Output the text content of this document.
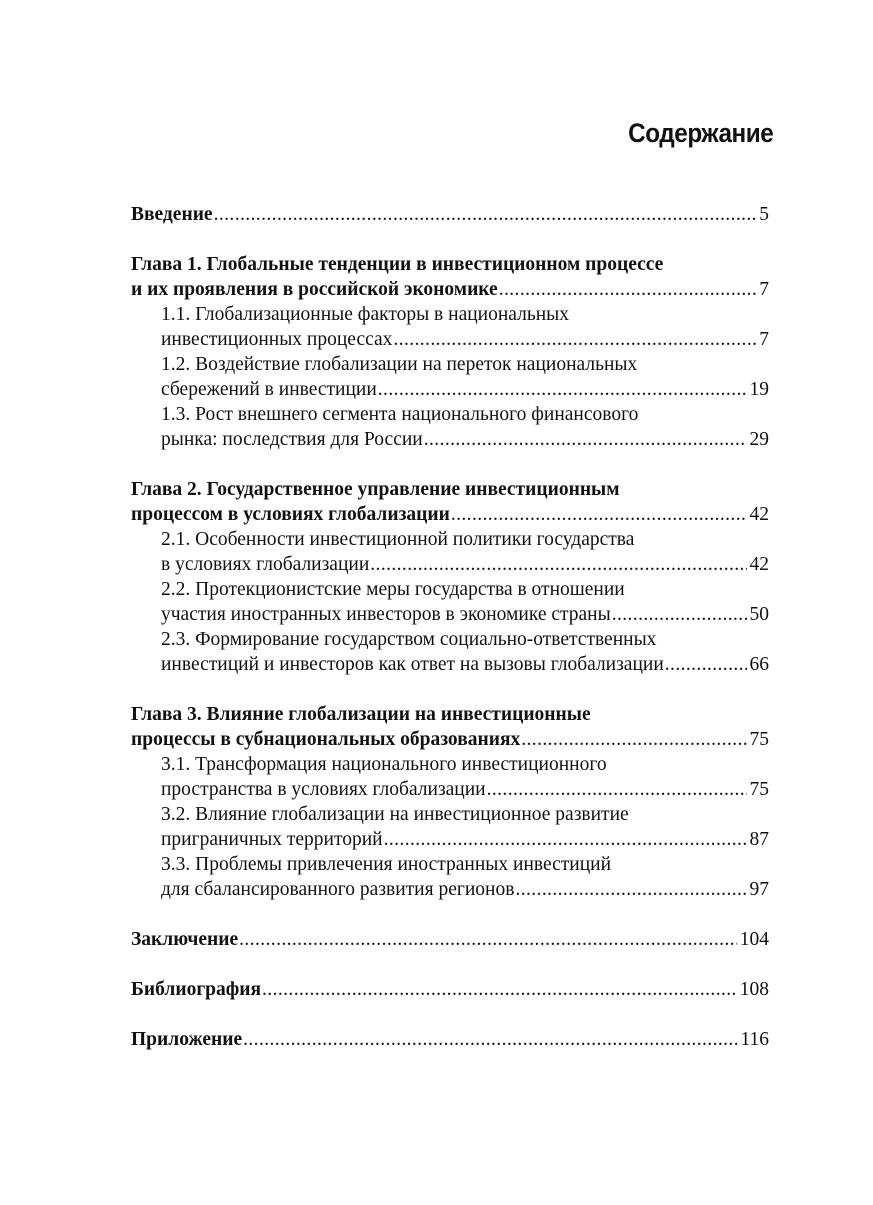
Содержание
Введение .....	5
Глава 1. Глобальные тенденции в инвестиционном процессе
и их проявления в российской экономике .....	7
1.1. Глобализационные факторы в национальных
инвестиционных процессах .....	7
1.2. Воздействие глобализации на переток национальных
сбережений в инвестиции .....	19
1.3. Рост внешнего сегмента национального финансового
рынка: последствия для России .....	29
Глава 2. Государственное управление инвестиционным
процессом в условиях глобализации .....	42
2.1. Особенности инвестиционной политики государства
в условиях глобализации .....	42
2.2. Протекционистские меры государства в отношении
участия иностранных инвесторов в экономике страны .....	50
2.3. Формирование государством социально-ответственных
инвестиций и инвесторов как ответ на вызовы глобализации .....	66
Глава 3. Влияние глобализации на инвестиционные
процессы в субнациональных образованиях .....	75
3.1. Трансформация национального инвестиционного
пространства в условиях глобализации .....	75
3.2. Влияние глобализации на инвестиционное развитие
приграничных территорий .....	87
3.3. Проблемы привлечения иностранных инвестиций
для сбалансированного развития регионов .....	97
Заключение .....	104
Библиография .....	108
Приложение .....	116
